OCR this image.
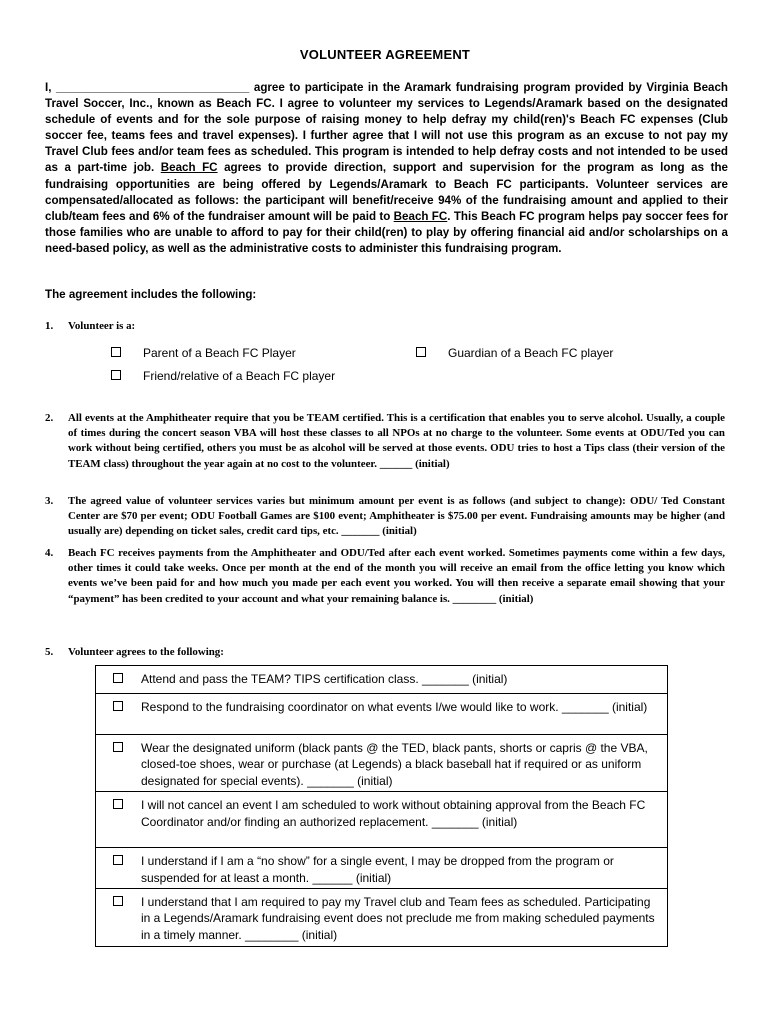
VOLUNTEER AGREEMENT
I, ______________________________ agree to participate in the Aramark fundraising program provided by Virginia Beach Travel Soccer, Inc., known as Beach FC. I agree to volunteer my services to Legends/Aramark based on the designated schedule of events and for the sole purpose of raising money to help defray my child(ren)'s Beach FC expenses (Club soccer fee, teams fees and travel expenses). I further agree that I will not use this program as an excuse to not pay my Travel Club fees and/or team fees as scheduled. This program is intended to help defray costs and not intended to be used as a part-time job. Beach FC agrees to provide direction, support and supervision for the program as long as the fundraising opportunities are being offered by Legends/Aramark to Beach FC participants. Volunteer services are compensated/allocated as follows: the participant will benefit/receive 94% of the fundraising amount and applied to their club/team fees and 6% of the fundraiser amount will be paid to Beach FC. This Beach FC program helps pay soccer fees for those families who are unable to afford to pay for their child(ren) to play by offering financial aid and/or scholarships on a need-based policy, as well as the administrative costs to administer this fundraising program.
The agreement includes the following:
1. Volunteer is a:
Parent of a Beach FC Player	Guardian of a Beach FC player
Friend/relative of a Beach FC player
2. All events at the Amphitheater require that you be TEAM certified. This is a certification that enables you to serve alcohol. Usually, a couple of times during the concert season VBA will host these classes to all NPOs at no charge to the volunteer. Some events at ODU/Ted you can work without being certified, others you must be as alcohol will be served at those events. ODU tries to host a Tips class (their version of the TEAM class) throughout the year again at no cost to the volunteer. ______ (initial)
3. The agreed value of volunteer services varies but minimum amount per event is as follows (and subject to change): ODU/ Ted Constant Center are $70 per event; ODU Football Games are $100 event; Amphitheater is $75.00 per event. Fundraising amounts may be higher (and usually are) depending on ticket sales, credit card tips, etc. _______ (initial)
4. Beach FC receives payments from the Amphitheater and ODU/Ted after each event worked. Sometimes payments come within a few days, other times it could take weeks. Once per month at the end of the month you will receive an email from the office letting you know which events we’ve been paid for and how much you made per each event you worked. You will then receive a separate email showing that your “payment” has been credited to your account and what your remaining balance is. ________ (initial)
5. Volunteer agrees to the following:
Attend and pass the TEAM? TIPS certification class. _______ (initial)

Respond to the fundraising coordinator on what events I/we would like to work. _______ (initial)

Wear the designated uniform (black pants @ the TED, black pants, shorts or capris @ the VBA, closed-toe shoes, wear or purchase (at Legends) a black baseball hat if required or as uniform designated for special events). _______ (initial)

I will not cancel an event I am scheduled to work without obtaining approval from the Beach FC Coordinator and/or finding an authorized replacement. _______ (initial)

I understand if I am a “no show” for a single event, I may be dropped from the program or suspended for at least a month. ______ (initial)

I understand that I am required to pay my Travel club and Team fees as scheduled. Participating in a Legends/Aramark fundraising event does not preclude me from making scheduled payments in a timely manner. ________ (initial)
